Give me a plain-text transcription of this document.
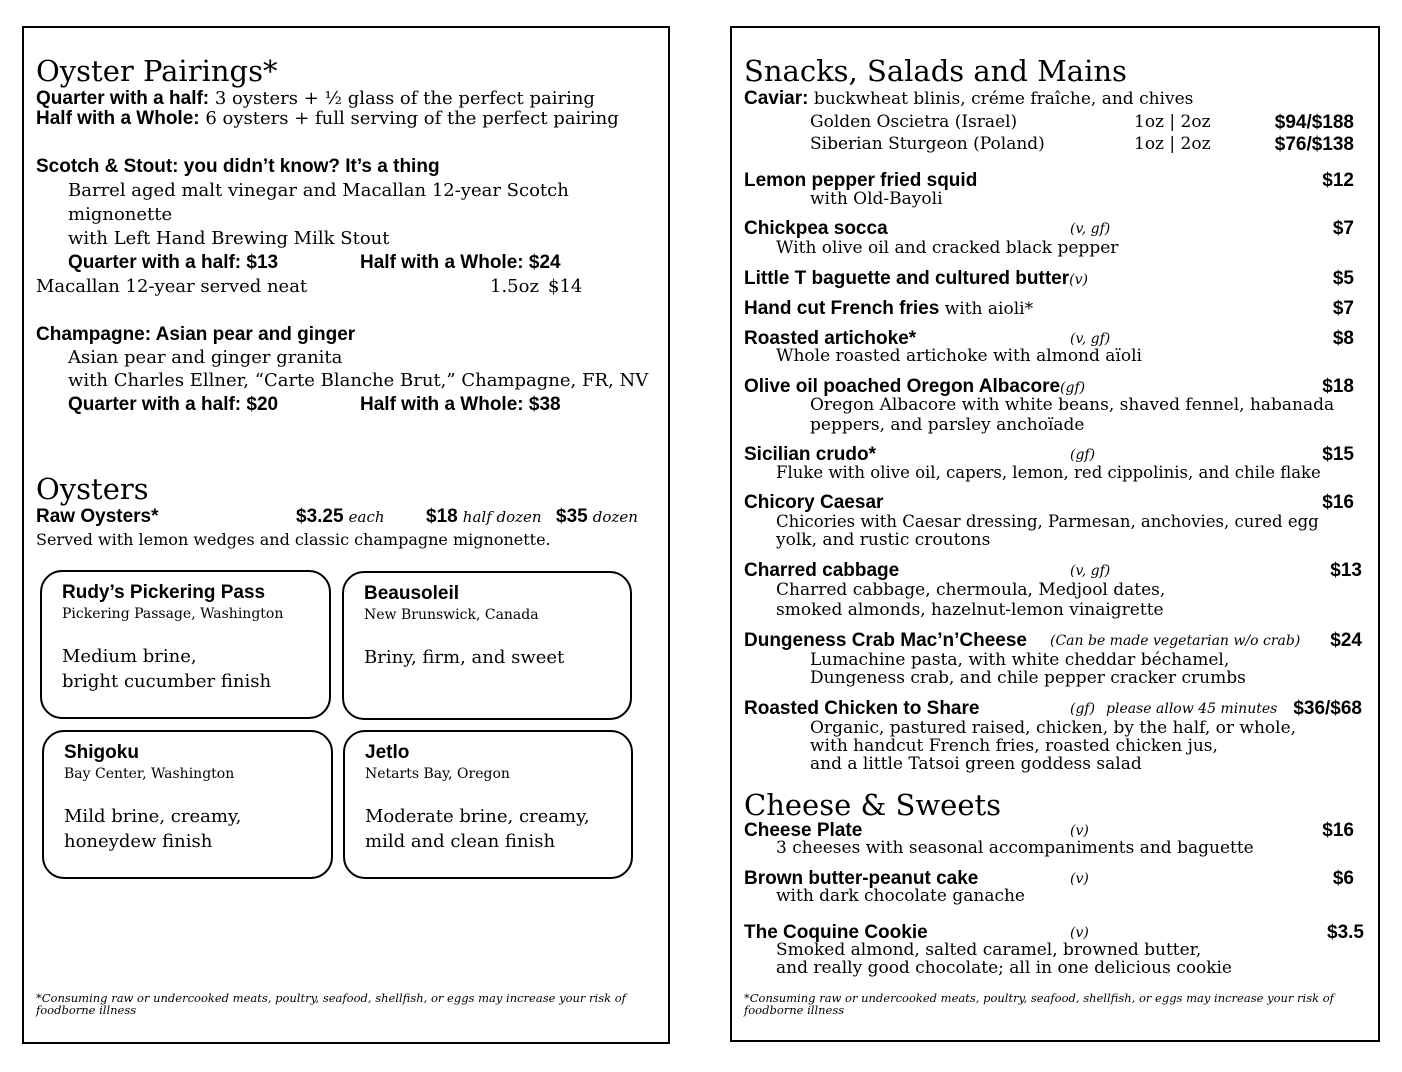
Oyster Pairings*
Quarter with a half: 3 oysters + ½ glass of the perfect pairing
Half with a Whole: 6 oysters + full serving of the perfect pairing
Scotch & Stout: you didn’t know? It’s a thing
Barrel aged malt vinegar and Macallan 12-year Scotch
mignonette
with Left Hand Brewing Milk Stout
Quarter with a half: $13	Half with a Whole: $24
Macallan 12-year served neat	1.5oz $14
Champagne: Asian pear and ginger
Asian pear and ginger granita
with Charles Ellner, “Carte Blanche Brut,” Champagne, FR, NV
Quarter with a half: $20	Half with a Whole: $38
Oysters
Raw Oysters*	$3.25 each $18 half dozen $35 dozen
Served with lemon wedges and classic champagne mignonette.
Rudy’s Pickering Pass
Pickering Passage, Washington
Medium brine,
bright cucumber finish
Beausoleil
New Brunswick, Canada
Briny, firm, and sweet
Shigoku
Bay Center, Washington
Mild brine, creamy,
honeydew finish
Jetlo
Netarts Bay, Oregon
Moderate brine, creamy,
mild and clean finish
*Consuming raw or undercooked meats, poultry, seafood, shellfish, or eggs may increase your risk of foodborne illness
Snacks, Salads and Mains
Caviar: buckwheat blinis, créme fraîche, and chives
Golden Oscietra (Israel)	1oz | 2oz	$94/$188
Siberian Sturgeon (Poland)	1oz | 2oz	$76/$138
Lemon pepper fried squid	$12
with Old-Bayoli
Chickpea socca	(v, gf)	$7
With olive oil and cracked black pepper
Little T baguette and cultured butter(v)	$5
Hand cut French fries with aioli*	$7
Roasted artichoke*	(v, gf)	$8
Whole roasted artichoke with almond aïoli
Olive oil poached Oregon Albacore(gf)	$18
Oregon Albacore with white beans, shaved fennel, habanada
peppers, and parsley anchoïade
Sicilian crudo*	(gf)	$15
Fluke with olive oil, capers, lemon, red cippolinis, and chile flake
Chicory Caesar	$16
Chicories with Caesar dressing, Parmesan, anchovies, cured egg
yolk, and rustic croutons
Charred cabbage	(v, gf)	$13
Charred cabbage, chermoula, Medjool dates,
smoked almonds, hazelnut-lemon vinaigrette
Dungeness Crab Mac’n’Cheese (Can be made vegetarian w/o crab) $24
Lumachine pasta, with white cheddar béchamel,
Dungeness crab, and chile pepper cracker crumbs
Roasted Chicken to Share	(gf) please allow 45 minutes $36/$68
Organic, pastured raised, chicken, by the half, or whole,
with handcut French fries, roasted chicken jus,
and a little Tatsoi green goddess salad
Cheese & Sweets
Cheese Plate	(v)	$16
3 cheeses with seasonal accompaniments and baguette
Brown butter-peanut cake	(v)	$6
with dark chocolate ganache
The Coquine Cookie	(v)	$3.5
Smoked almond, salted caramel, browned butter,
and really good chocolate; all in one delicious cookie
*Consuming raw or undercooked meats, poultry, seafood, shellfish, or eggs may increase your risk of foodborne illness
